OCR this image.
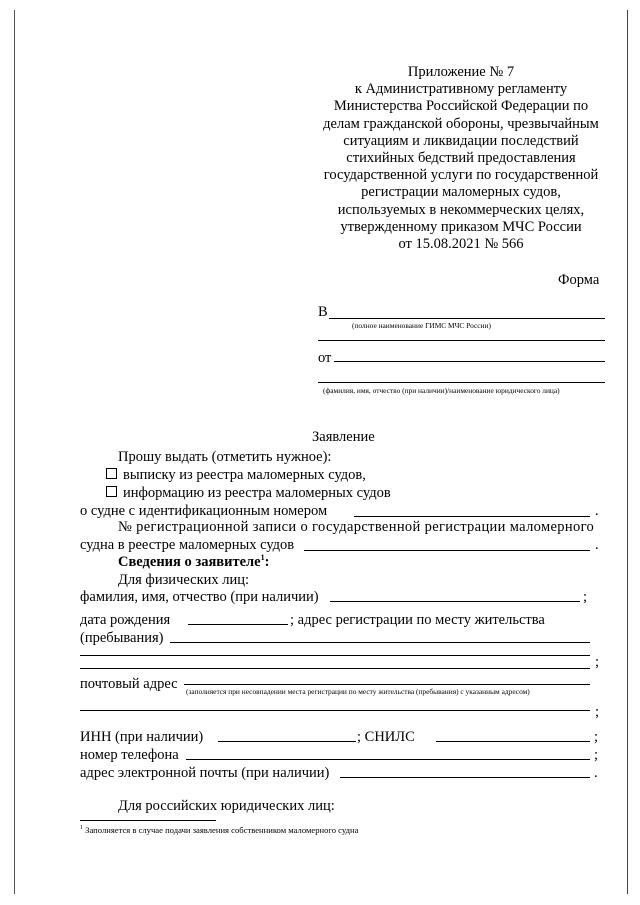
Приложение № 7
к Административному регламенту
Министерства Российской Федерации по
делам гражданской обороны, чрезвычайным
ситуациям и ликвидации последствий
стихийных бедствий предоставления
государственной услуги по государственной
регистрации маломерных судов,
используемых в некоммерческих целях,
утвержденному приказом МЧС России
от 15.08.2021 № 566
Форма
В
(полное наименование ГИМС МЧС России)
от
(фамилия, имя, отчество (при наличии)/наименование юридического лица)
Заявление
Прошу выдать (отметить нужное):
выписку из реестра маломерных судов,
информацию из реестра маломерных судов
о судне с идентификационным номером	.
№ регистрационной записи о государственной регистрации маломерного
судна в реестре маломерных судов	.
Сведения о заявителе$^1$:
Для физических лиц:
фамилия, имя, отчество (при наличии)	;
дата рождения	; адрес регистрации по месту жительства
(пребывания)
;
почтовый адрес (заполняется при несовпадении места регистрации по месту жительства (пребывания) с указанным адресом)
;
ИНН (при наличии)	; СНИЛС	;
номер телефона	;
адрес электронной почты (при наличии)	.
Для российских юридических лиц:
$^1$ Заполняется в случае подачи заявления собственником маломерного судна
